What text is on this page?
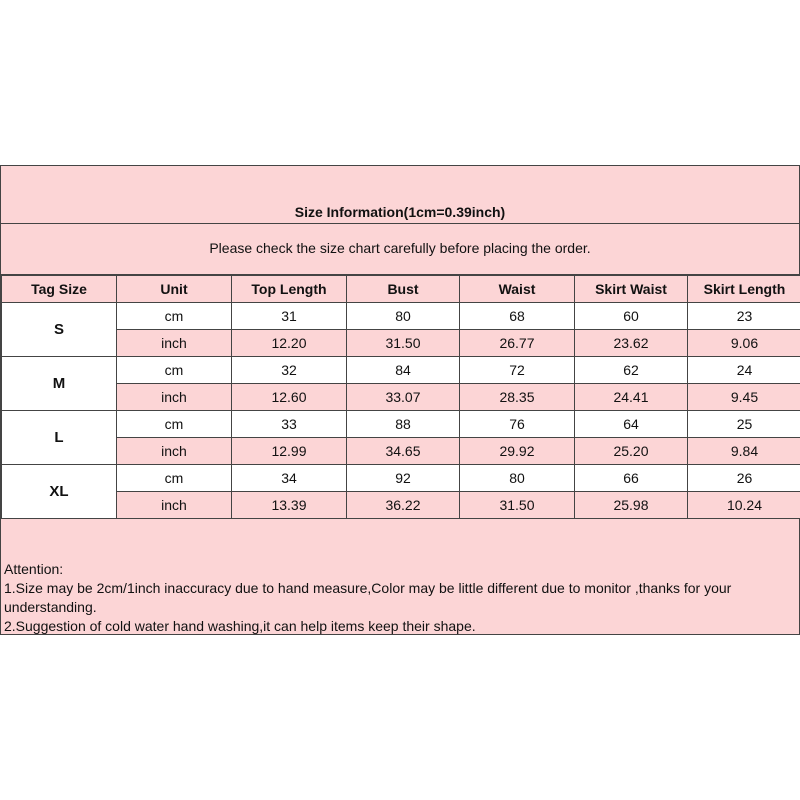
Size Information(1cm=0.39inch)
Please check the size chart carefully before placing the order.
Tag Size	Unit	Top Length	Bust	Waist	Skirt Waist	Skirt Length
S	cm	31	80	68	60	23
	inch	12.20	31.50	26.77	23.62	9.06
M	cm	32	84	72	62	24
	inch	12.60	33.07	28.35	24.41	9.45
L	cm	33	88	76	64	25
	inch	12.99	34.65	29.92	25.20	9.84
XL	cm	34	92	80	66	26
	inch	13.39	36.22	31.50	25.98	10.24
Attention:
1.Size may be 2cm/1inch inaccuracy due to hand measure,Color may be little different due to monitor ,thanks for your understanding.
2.Suggestion of cold water hand washing,it can help items keep their shape.
